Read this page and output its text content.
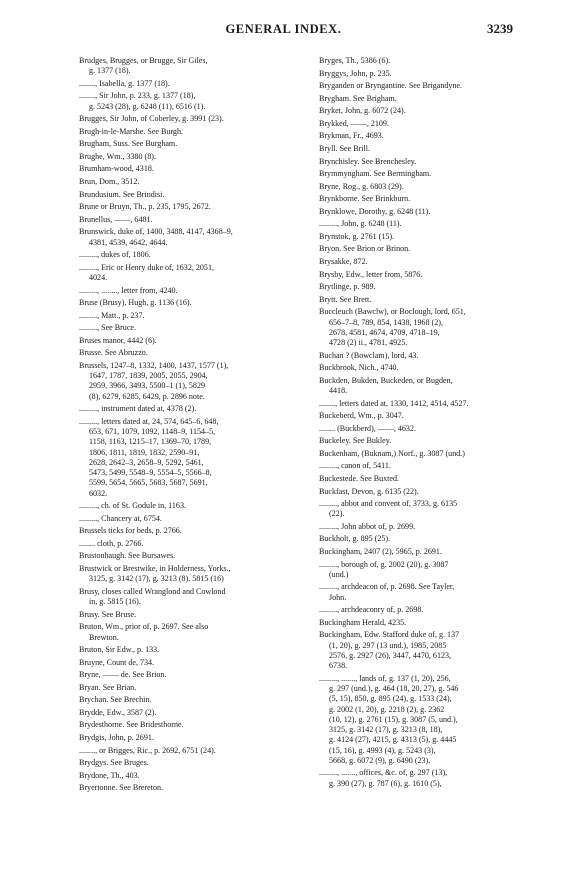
GENERAL INDEX.	3239
Brudges, Brugges, or Brugge, Sir Giles,
g. 1377 (18).
........, Isabella, g. 1377 (18).
........, Sir John, p. 233, g. 1377 (18),
g. 5243 (28), g. 6248 (11), 6516 (1).
Brugges, Sir John, of Coberley, g. 3991 (23).
Brugh-in-le-Marshe. See Burgh.
Brugham, Suss. See Burgham.
Brughe, Wm., 3380 (8).
Brumham-wood, 4318.
Brun, Dom., 3512.
Brundusium. See Brindisi.
Brune or Bruyn, Th., p. 235, 1795, 2672.
Brunellus, ——, 6481.
Brunswick, duke of, 1400, 3488, 4147, 4368–9,
4381, 4539, 4642, 4644.
........., dukes of, 1806.
........., Eric or Henry duke of, 1632, 2051,
4024.
........., ........, letter from, 4240.
Bruse (Brusy), Hugh, g. 1136 (16).
........., Matt., p. 237.
........., See Bruce.
Bruses manor, 4442 (6).
Brusse. See Abruzzo.
Brussels, 1247–8, 1332, 1400, 1437, 1577 (1),
1647, 1787, 1839, 2005, 2055, 2904,
2959, 3966, 3493, 5500–1 (1), 5829
(8), 6279, 6285, 6429, p. 2896 note.
........., instrument dated at, 4378 (2).
........., letters dated at, 24, 574, 645–6, 648,
653, 671, 1079, 1092, 1148–9, 1154–5,
1158, 1163, 1215–17, 1369–70, 1789,
1806, 1811, 1819, 1832, 2590–91,
2628, 2642–3, 2658–9, 5292, 5461,
5473, 5499, 5548–9, 5554–5, 5566–8,
5599, 5654, 5665, 5683, 5687, 5691,
6032.
........., ch. of St. Godule in, 1163.
........., Chancery at, 6754.
Brussels ticks for beds, p. 2766.
........ cloth, p. 2766.
Brustonhaugh. See Bursawes.
Brustwick or Brestwike, in Holderness, Yorks.,
3125, g. 3142 (17), g. 3213 (8). 5815 (16)
Brusy, closes called Wranglond and Cowlond
in, g. 5815 (16).
Brusy. See Bruse.
Bruton, Wm., prior of, p. 2697. See also
Brewton.
Bruton, Sir Edw., p. 133.
Bruyne, Count de, 734.
Bryne, —— de. See Brion.
Bryan. See Brian.
Brychan. See Brechin.
Brydde, Edw., 3587 (2).
Brydesthorne. See Bridesthorne.
Brydgis, John, p. 2691.
........, or Brigges, Ric., p. 2692, 6751 (24).
Brydgys. See Bruges.
Brydone, Th., 403.
Bryertonne. See Brereton.
Bryges, Th., 5386 (6).
Bryggys, John, p. 235.
Bryganden or Bryngantine. See Brigandyne.
Brygham. See Brigham.
Bryket, John, g. 6072 (24).
Brykked, ——, 2109.
Brykman, Fr., 4693.
Bryll. See Brill.
Brynchisley. See Brenchesley.
Brymmyngham. See Bermingham.
Bryne, Rog., g. 6803 (29).
Brynkborne. See Brinkburn.
Brynklowe, Dorothy, g. 6248 (11).
........., John, g. 6248 (11).
Brynstok, g. 2761 (15).
Bryon. See Brion or Brinon.
Brysakke, 872.
Brysby, Edw., letter from, 5876.
Brytlinge, p. 989.
Brytt. See Brett.
Buccleuch (Bawclw), or Boclough, lord, 651,
656–7–8, 789, 854, 1438, 1968 (2),
2678, 4581, 4674, 4709, 4718–19,
4728 (2) ii., 4781, 4925.
Buchan ? (Bowclam), lord, 43.
Buckbrook, Nich., 4740.
Buckden, Bukden, Buckeden, or Bugden,
4418.
........, letters dated at, 1330, 1412, 4514, 4527.
Buckeberd, Wm., p. 3047.
........ (Buckberd), ——, 4632.
Buckeley. See Bukley.
Buckenham, (Buknam,) Norf., g. 3087 (und.)
........., canon of, 5411.
Buckestede. See Buxted.
Buckfast, Devon, g. 6135 (22).
........., abbot and convent of, 3733, g. 6135
(22).
........., John abbot of, p. 2699.
Buckholt, g. 895 (25).
Buckingham, 2407 (2), 5965, p. 2691.
........., borough of, g. 2002 (20), g. 3087
(und.)
........., archdeacon of, p. 2698. See Tayler,
John.
........., archdeaconry of, p. 2698.
Buckingham Herald, 4235.
Buckingham, Edw. Stafford duke of, g. 137
(1, 20), g. 297 (13 und.), 1985, 2085
2576, g. 2927 (26), 3447, 4470, 6123,
6738.
........., ......., lands of, g. 137 (1, 20), 256,
g. 297 (und.), g. 464 (18, 20, 27), g. 546
(5, 15), 850, g. 895 (24), g. 1533 (24),
g. 2002 (1, 20), g. 2218 (2), g. 2362
(10, 12), g. 2761 (15), g. 3087 (5, und.),
3125, g. 3142 (17), g. 3213 (8, 18),
g. 4124 (27), 4215, g. 4313 (5), g. 4445
(15, 16), g. 4993 (4), g. 5243 (3),
5668, g. 6072 (9), g. 6490 (23).
........., ......., offices, &c. of, g. 297 (13),
g. 390 (27), g. 787 (6), g. 1610 (5),
